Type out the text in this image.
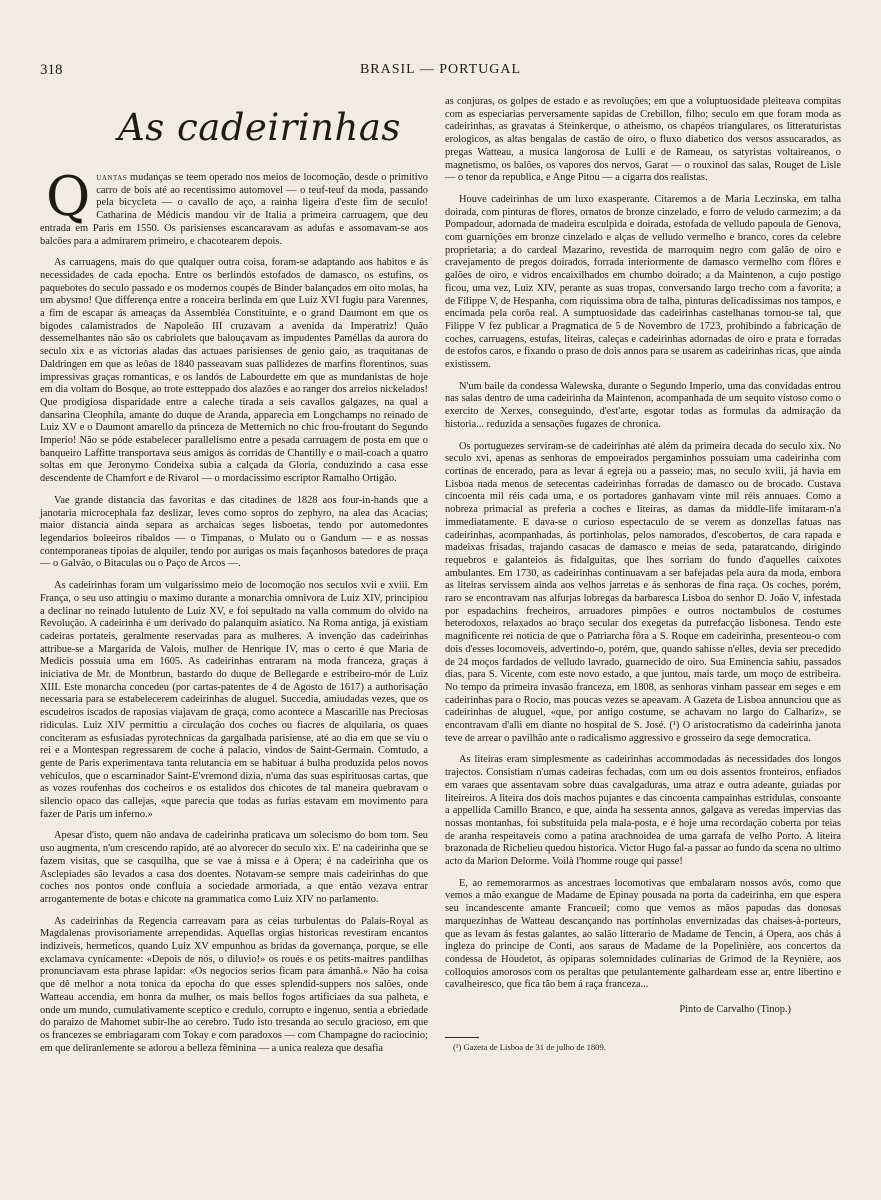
318	BRASIL — PORTUGAL
As cadeirinhas

Quantas mudanças se teem operado nos meios de locomoção, desde o primitivo carro de bois até ao recentissimo automovel — o teuf-teuf da moda, passando pela bicycleta — o cavallo de aço, a rainha ligeira d'este fim de seculo! Catharina de Médicis mandou vir de Italia a primeira carruagem, que deu entrada em Paris em 1550. Os parisienses escancaravam as adufas e assomavam-se aos balcões para a admirarem primeiro, e chacotearem depois.

As carruagens, mais do que qualquer outra coisa, foram-se adaptando aos habitos e ás necessidades de cada epocha. Entre os berlindós estofados de damasco, os estufins, os paquebotes do seculo passado e os modernos coupés de Binder balançados em oito molas, ha um abysmo! Que differença entre a ronceira berlinda em que Luiz XVI fugiu para Varennes, a fim de escapar ás ameaças da Assembléa Constituinte, e o grand Daumont em que os bigodes calamistrados de Napoleão III cruzavam a avenida da Imperatriz! Quão dessemelhantes não são os cabriolets que balouçavam as impudentes Paméllas da aurora do seculo xix e as victorias aladas das actuaes parisienses de genio gaio, as traquitanas de Daldringen em que as leôas de 1840 passeavam suas pallidezes de marfins florentinos, suas impressivas graças romanticas, e os landós de Labourdette em que as mundanistas de hoje em dia voltam do Bosque, ao trote estteppado dos alazões e ao ranger dos arreios nickelados! Que prodigiosa disparidade entre a caleche tirada a seis cavallos galgazes, na qual a dansarina Cleophila, amante do duque de Aranda, apparecia em Longchamps no reinado de Luiz XV e o Daumont amarello da princeza de Metternich no chic frou-froutant do Segundo Imperio! Não se póde estabelecer parallelismo entre a pesada carruagem de posta em que o banqueiro Laffitte transportava seus amigos ás corridas de Chantilly e o mail-coach a quatro soltas em que Jeronymo Condeixa subia a calçada da Gloria, conduzindo a casa esse descendente de Chamfort e de Rivarol — o mordacissimo escriptor Ramalho Ortigão.

Vae grande distancia das favoritas e das citadines de 1828 aos four-in-hands que a janotaria microcephala faz deslizar, leves como sopros do zephyro, na alea das Acacias; maior distancia ainda separa as archaicas seges lisboetas, tendo por automedontes legendarios boleeiros ribaldos — o Timpanas, o Mulato ou o Gandum — e as nossas contemporaneas tipoias de alquiler, tendo por aurigas os mais façanhosos batedores de praça — o Galvão, o Bitaculas ou o Paço de Arcos —.

As cadeirinhas foram um vulgarissimo meio de locomoção nos seculos xvii e xviii. Em França, o seu uso attingiu o maximo durante a monarchia omnivora de Luiz XIV, principiou a declinar no reinado lutulento de Luiz XV, e foi sepultado na valla commum do olvido na Revolução. A cadeirinha é um derivado do palanquim asiatico. Na Roma antiga, já existiam cadeiras portateis, geralmente reservadas para as mulheres. A invenção das cadeirinhas attribue-se a Margarida de Valois, mulher de Henrique IV, mas o certo é que Maria de Medicis possuia uma em 1605. As cadeirinhas entraram na moda franceza, graças á iniciativa de Mr. de Montbrun, bastardo do duque de Bellegarde e estribeiro-mór de Luiz XIII. Este monarcha concedeu (por cartas-patentes de 4 de Agosto de 1617) a authorisação necessaria para se estabelecerem cadeirinhas de aluguel. Succedia, amiudadas vezes, que os escudeiros iscados de raposias viajavam de graça, como acontece a Mascarille nas Preciosas ridiculas. Luiz XIV permittiu a circulação dos coches ou fiacres de alquilaria, os quaes conciteram as esfusiadas pyrotechnicas da gargalhada parisiense, até ao dia em que se viu o rei e a Montespan regressarem de coche á palacio, vindos de Saint-Germain. Comtudo, a gente de Paris experimentava tanta relutancia em se habituar á bulha produzida pelos novos vehiculos, que o escarninador Saint-E'vremond dizia, n'uma das suas espirituosas cartas, que as vozes roufenhas dos cocheiros e os estalidos dos chicotes de tal maneira quebravam o silencio opaco das callejas, «que parecia que todas as furias estavam em movimento para fazer de Paris um inferno.»

Apesar d'isto, quem não andava de cadeirinha praticava um solecismo do bom tom. Seu uso augmenta, n'um crescendo rapido, até ao alvorecer do seculo xix. E' na cadeirinha que se fazem visitas, que se casquilha, que se vae á missa e á Opera; é na cadeirinha que os Asclepiades são levados a casa dos doentes. Notavam-se sempre mais cadeirinhas do que coches nos pontos onde confluia a sociedade armoriada, a que então vezava entrar arrogantemente de botas e chicote na grammatica como Luiz XIV no parlamento.

As cadeirinhas da Regencia carreavam para as ceias turbulentas do Palais-Royal as Magdalenas provisoriamente arrependidas. Aquellas orgias historicas revestiram encantos indiziveis, hermeticos, quando Luiz XV empunhou as bridas da governança, porque, se elle exclamava cynicamente: «Depois de nós, o diluvio!» os roués e os petits-maitres pandilhas pronunciavam esta phrase lapidar: «Os negocios serios ficam para ámanhã.» Não ha coisa que dê melhor a nota tonica da epocha do que esses splendid-suppers nos salões, onde Watteau accendia, em honra da mulher, os mais bellos fogos artificiaes da sua palheta, e onde um mundo, cumulativamente scepticо e credulo, corrupto e ingenuo, sentia a ebriedade do paraizo de Mahomet subir-lhe ao cerebro. Tudo isto tresanda ao seculo gracioso, em que os francezes se embriagaram com Tokay e com paradoxos — com Champagne do raciocinio; em que deliranlemente se adorou a belleza fêminina — a unica realeza que desafia

as conjuras, os golpes de estado e as revoluções; em que a voluptuosidade pleiteava compitas com as especiarias perversamente sapidas de Crebillon, filho; seculo em que foram moda as cadeirinhas, as gravatas á Steinkerque, o atheismo, os chapéos triangulares, os litteraturistas erologicos, as altas bengalas de castão de oiro, o fluxo diabetico dos versos assucarados, as pregas Watteau, a musica langorosa de Lulli e de Rameau, os satyristas voltaireanos, o magnetismo, os balões, os vapores dos nervos, Garat — o rouxinol das salas, Rouget de Lisle — o tenor da republica, e Ange Pitou — a cigarra dos realistas.

Houve cadeirinhas de um luxo exasperante. Citaremos a de Maria Leczinska, em talha doirada, com pinturas de flores, ornatos de bronze cinzelado, e forro de veludo carmezim; a da Pompadour, adornada de madeira esculpida e doirada, estofada de velludo papoula de Genova, com guarnições em bronze cinzelado e alças de velludo vermelho e branco, cores da celebre proprietaria; a do cardeal Mazarino, revestida de marroquim negro com galão de oiro e cravejamento de pregos doirados, forrada interiormente de damasco vermelho com flôres e galões de oiro, e vidros encaixilhados em chumbo doirado; a da Maintenon, a cujo postigo ficou, uma vez, Luiz XIV, perante as suas tropas, conversando largo trecho com a favorita; a de Filippe V, de Hespanha, com riquissima obra de talha, pinturas delicadissimas nos tampos, e encimada pela corôa real. A sumptuosidade das cadeirinhas castelhanas tornou-se tal, que Filippe V fez publicar a Pragmatica de 5 de Novembro de 1723, prohibindo a fabricação de coches, carruagens, estufas, liteiras, caleças e cadeirinhas adornadas de oiro e prata e forradas de estofos caros, e fixando o praso de dois annos para se usarem as cadeirinhas ricas, que ainda existissem.

N'um baile da condessa Walewska, durante o Segundo Imperio, uma das convidadas entrou nas salas dentro de uma cadeirinha da Maintenon, acompanhada de um sequito vistoso como o exercito de Xerxes, conseguindo, d'est'arte, esgotar todas as formulas da admiração da historia... reduzida a sensações fugazes de chronica.

Os portuguezes serviram-se de cadeirinhas até além da primeira decada do seculo xix. No seculo xvi, apenas as senhoras de empoeirados pergaminhos possuiam uma cadeirinha com cortinas de encerado, para as levar á egreja ou a passeio; mas, no seculo xviii, já havia em Lisboa nada menos de setecentas cadeirinhas forradas de damasco ou de brocado. Custava cincoenta mil réis cada uma, e os portadores ganhavam vinte mil réis annuaes. Como a nobreza primacial as preferia a coches e liteiras, as damas da middle-life imitaram-n'a immediatamente. E dava-se o curioso espectaculo de se verem as donzellas fatuas nas cadeirinhas, acompanhadas, ás portinholas, pelos namorados, d'escobertos, de cara rapada e madeixas frisadas, trajando casacas de damasco e meias de seda, pataratcando, dirigindo requebros e galanteios ás fidalguitas, que lhes sorriam do fundo d'aquelles caixotes ambulantes. Em 1730, as cadeirinhas continuavam a ser bafejadas pela aura da moda, embora as liteiras servissem ainda aos velhos jarretas e ás senhoras de fina raça. Os coches, porém, raro se encontravam nas alfurjas lobregas da barbaresca Lisboa do senhor D. João V, infestada por espadachins frecheiros, arruadores pimpões e outros noctambulos de costumes heterodoxos, relaxados ao braço secular dos exegetas da putrefacção lisbonesa. Tendo este magnificente rei noticia de que o Patriarcha fôra a S. Roque em cadeirinha, presenteou-o com dois d'esses locomoveis, advertindo-o, porém, que, quando sahisse n'elles, devia ser precedido de 24 moços fardados de velludo lavrado, guarnecido de oiro. Sua Eminencia sahiu, passados dias, para S. Vicente, com este novo estado, a que juntou, mais tarde, um moço de estribeira. No tempo da primeira invasão franceza, em 1808, as senhoras vinham passear em seges e em cadeirinhas para o Rocio, mas poucas vezes se apeavam. A Gazeta de Lisboa annunciou que as cadeirinhas de aluguel, «que, por antigo costume, se achavam no largo do Calhariz», se encontravam d'alli em diante no hospital de S. José. (¹) O aristocratismo da cadeirinha janota teve de arrear o pavilhão ante o radicalismo aggressivo e grosseiro da sege democratica.

As liteiras eram simplesmente as cadeirinhas accommodadas ás necessidades dos longos trajectos. Consistiam n'umas cadeiras fechadas, com um ou dois assentos fronteiros, enfiados em varaes que assentavam sobre duas cavalgaduras, uma atraz e outra adeante, guiadas por liteireiros. A liteira dos dois machos pujantes e das cincoenta campainhas estridulas, consoante a appellida Camillo Branco, e que, ainda ha sessenta annos, galgava as veredas impervias das nossas montanhas, foi substituida pela mala-posta, e é hoje uma recordação coberta por teias de aranha respeitaveis como a patina arachnoidea de uma garrafa de velho Porto. A liteira brazonada de Richelieu quedou historica. Victor Hugo fal-a passar ao fundo da scena no ultimo acto da Marion Delorme. Voilà l'homme rouge qui passe!

E, ao rememorarmos as ancestraes locomotivas que embalaram nossos avós, como que vemos a mão exangue de Madame de Epinay pousada na porta da cadeirinha, em que espera seu incandescente amante Francueil; como que vemos as mãos papudas das donosas marquezinhas de Watteau descançando nas portinholas envernizadas das chaises-à-porteurs, que as levam ás festas galantes, ao salão litterario de Madame de Tencin, á Opera, aos chás á ingleza do principe de Conti, aos saraus de Madame de la Popelinière, aos concertos da condessa de Houdetot, ás opiparas solemnidades culinarias de Grimod de la Reynière, aos colloquios amorosos com os peraltas que petulantemente galhardeam esse ar, entre libertino e cavalheiresco, que fica tão bem á raça franceza...

Pinto de Carvalho (Tinop.)
(¹) Gazeta de Lisboa de 31 de julho de 1809.
